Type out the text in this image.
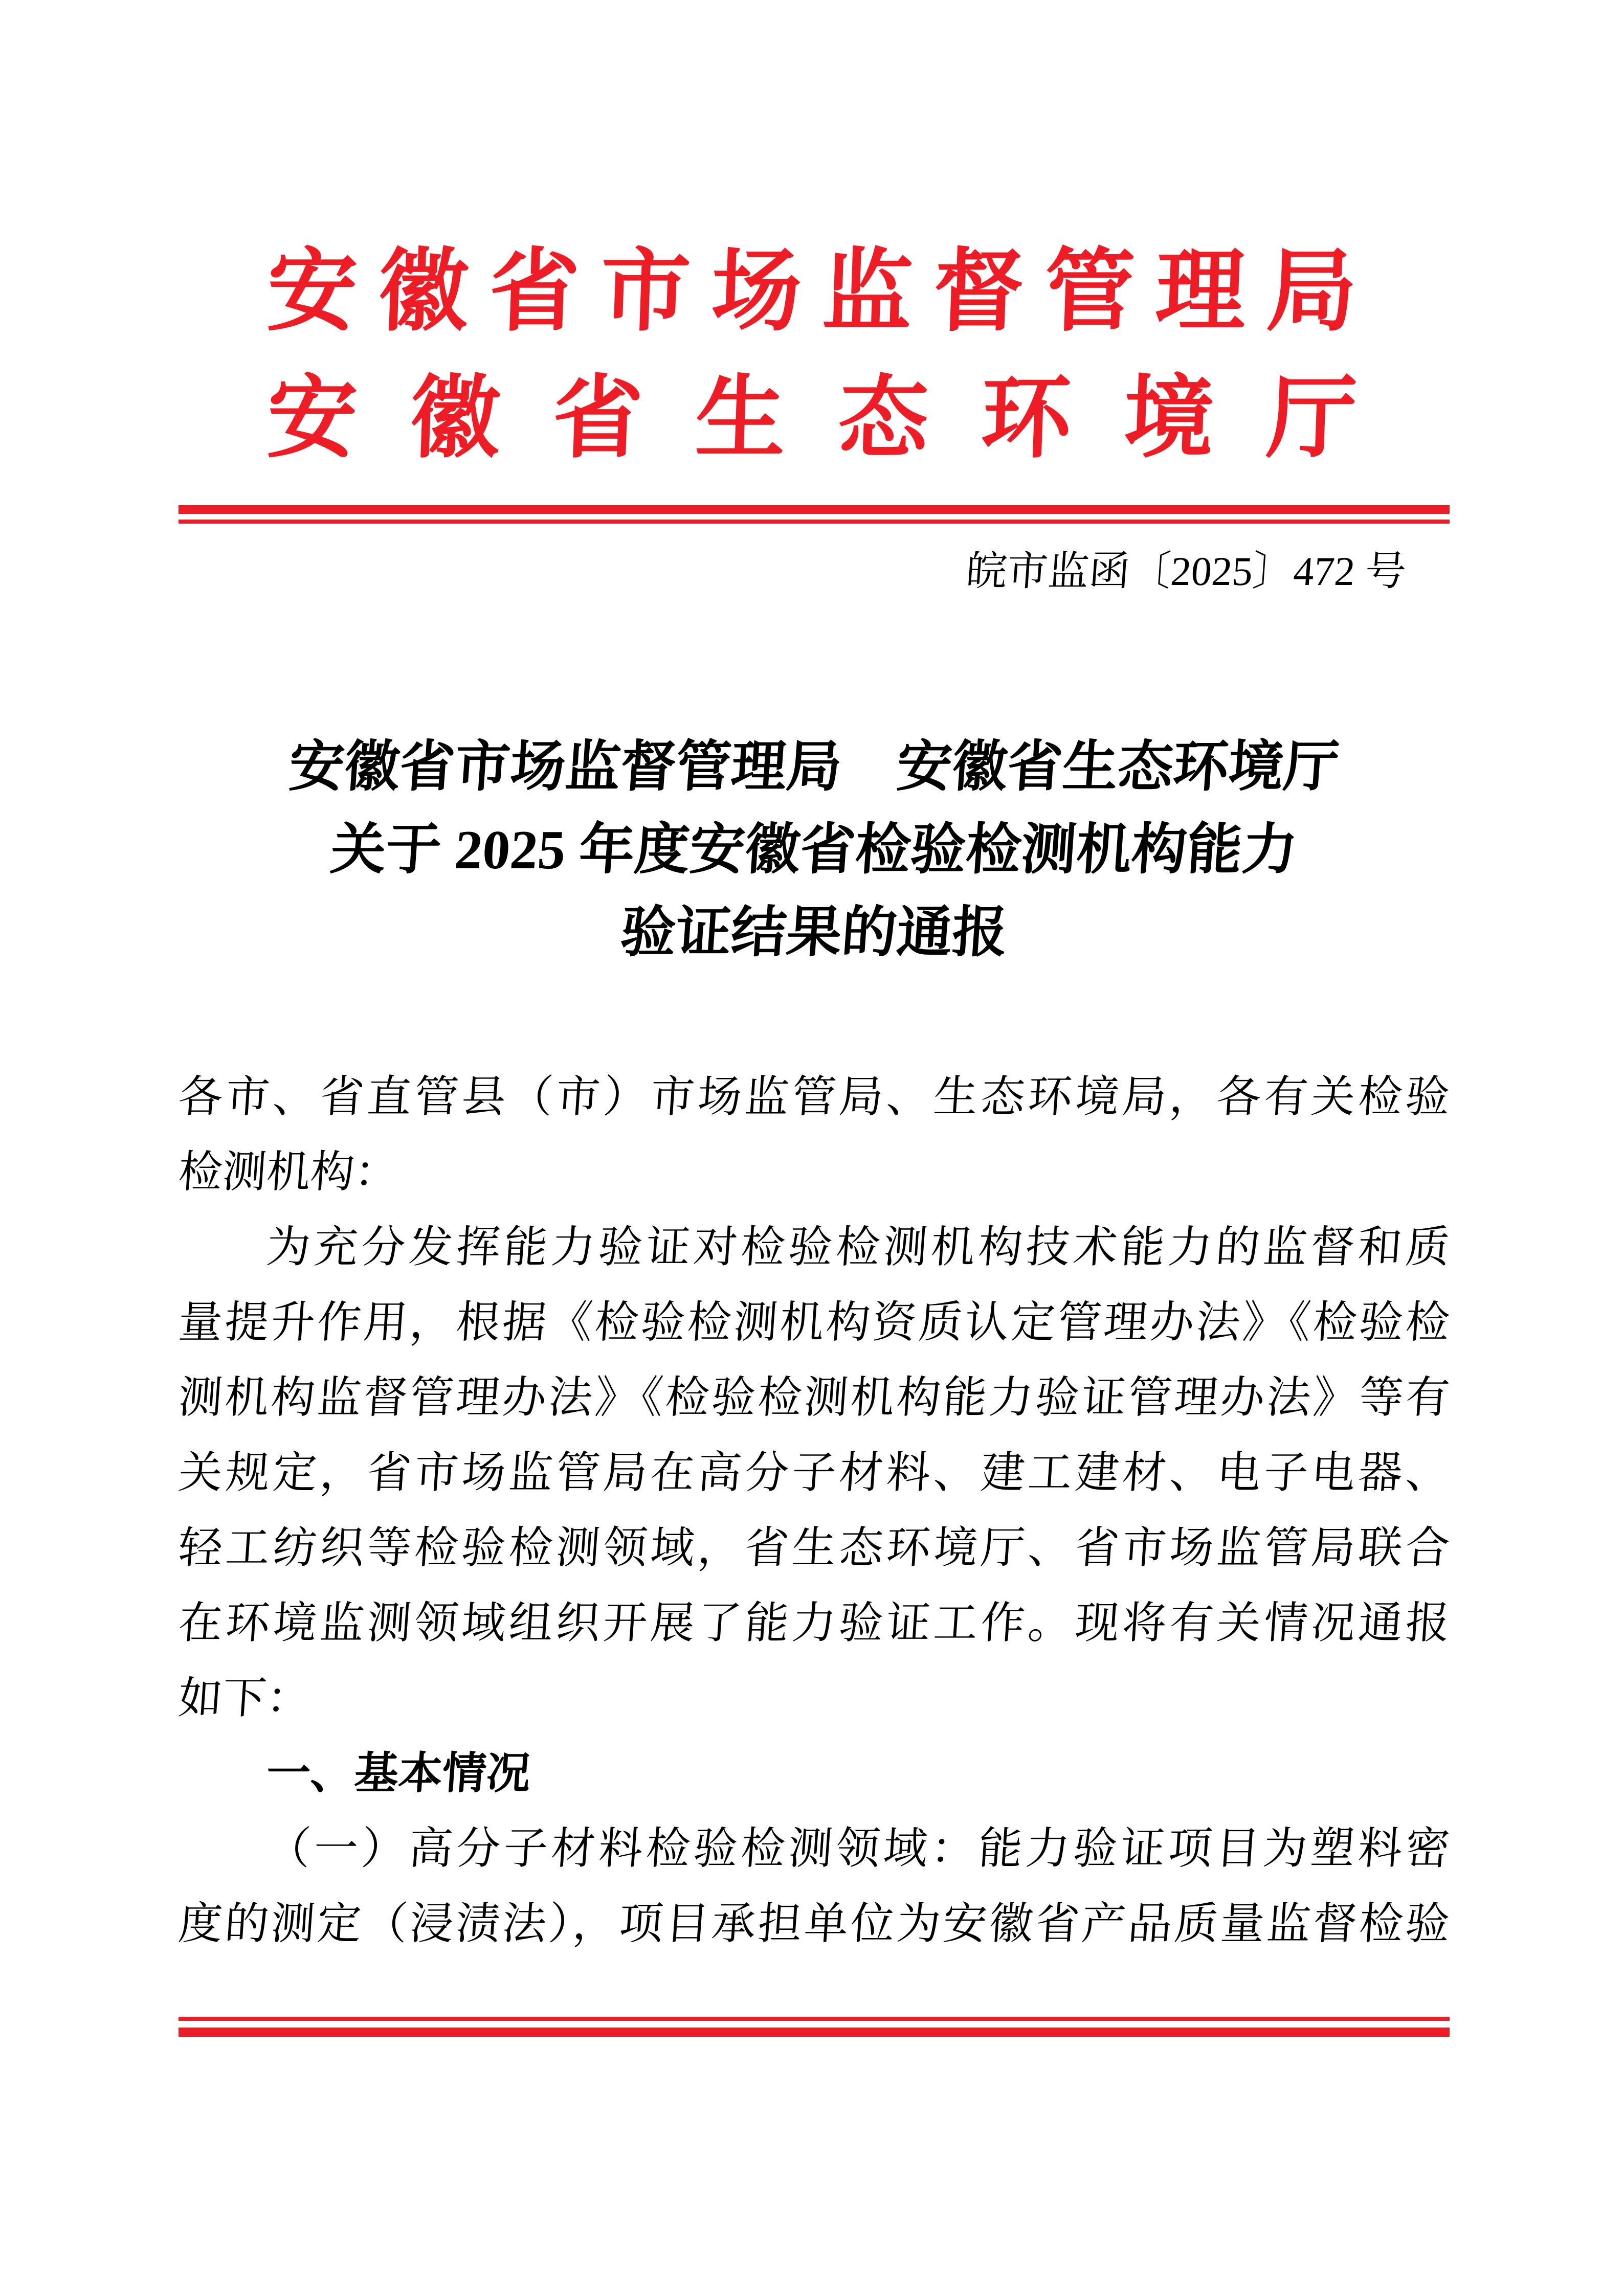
安 徽 省 市 场 监 督 管 理 局
安 徽 省 生 态 环 境 厅
皖市监函〔2025〕472 号
安徽省市场监督管理局　安徽省生态环境厅
关于 2025 年度安徽省检验检测机构能力
验证结果的通报
各市、省直管县（市）市场监管局、生态环境局，各有关检验
检测机构：
为充分发挥能力验证对检验检测机构技术能力的监督和质
量提升作用，根据《检验检测机构资质认定管理办法》《检验检
测机构监督管理办法》《检验检测机构能力验证管理办法》等有
关规定，省市场监管局在高分子材料、建工建材、电子电器、
轻工纺织等检验检测领域，省生态环境厅、省市场监管局联合
在环境监测领域组织开展了能力验证工作。现将有关情况通报
如下：
一、基本情况
（一）高分子材料检验检测领域：能力验证项目为塑料密
度的测定（浸渍法），项目承担单位为安徽省产品质量监督检验
